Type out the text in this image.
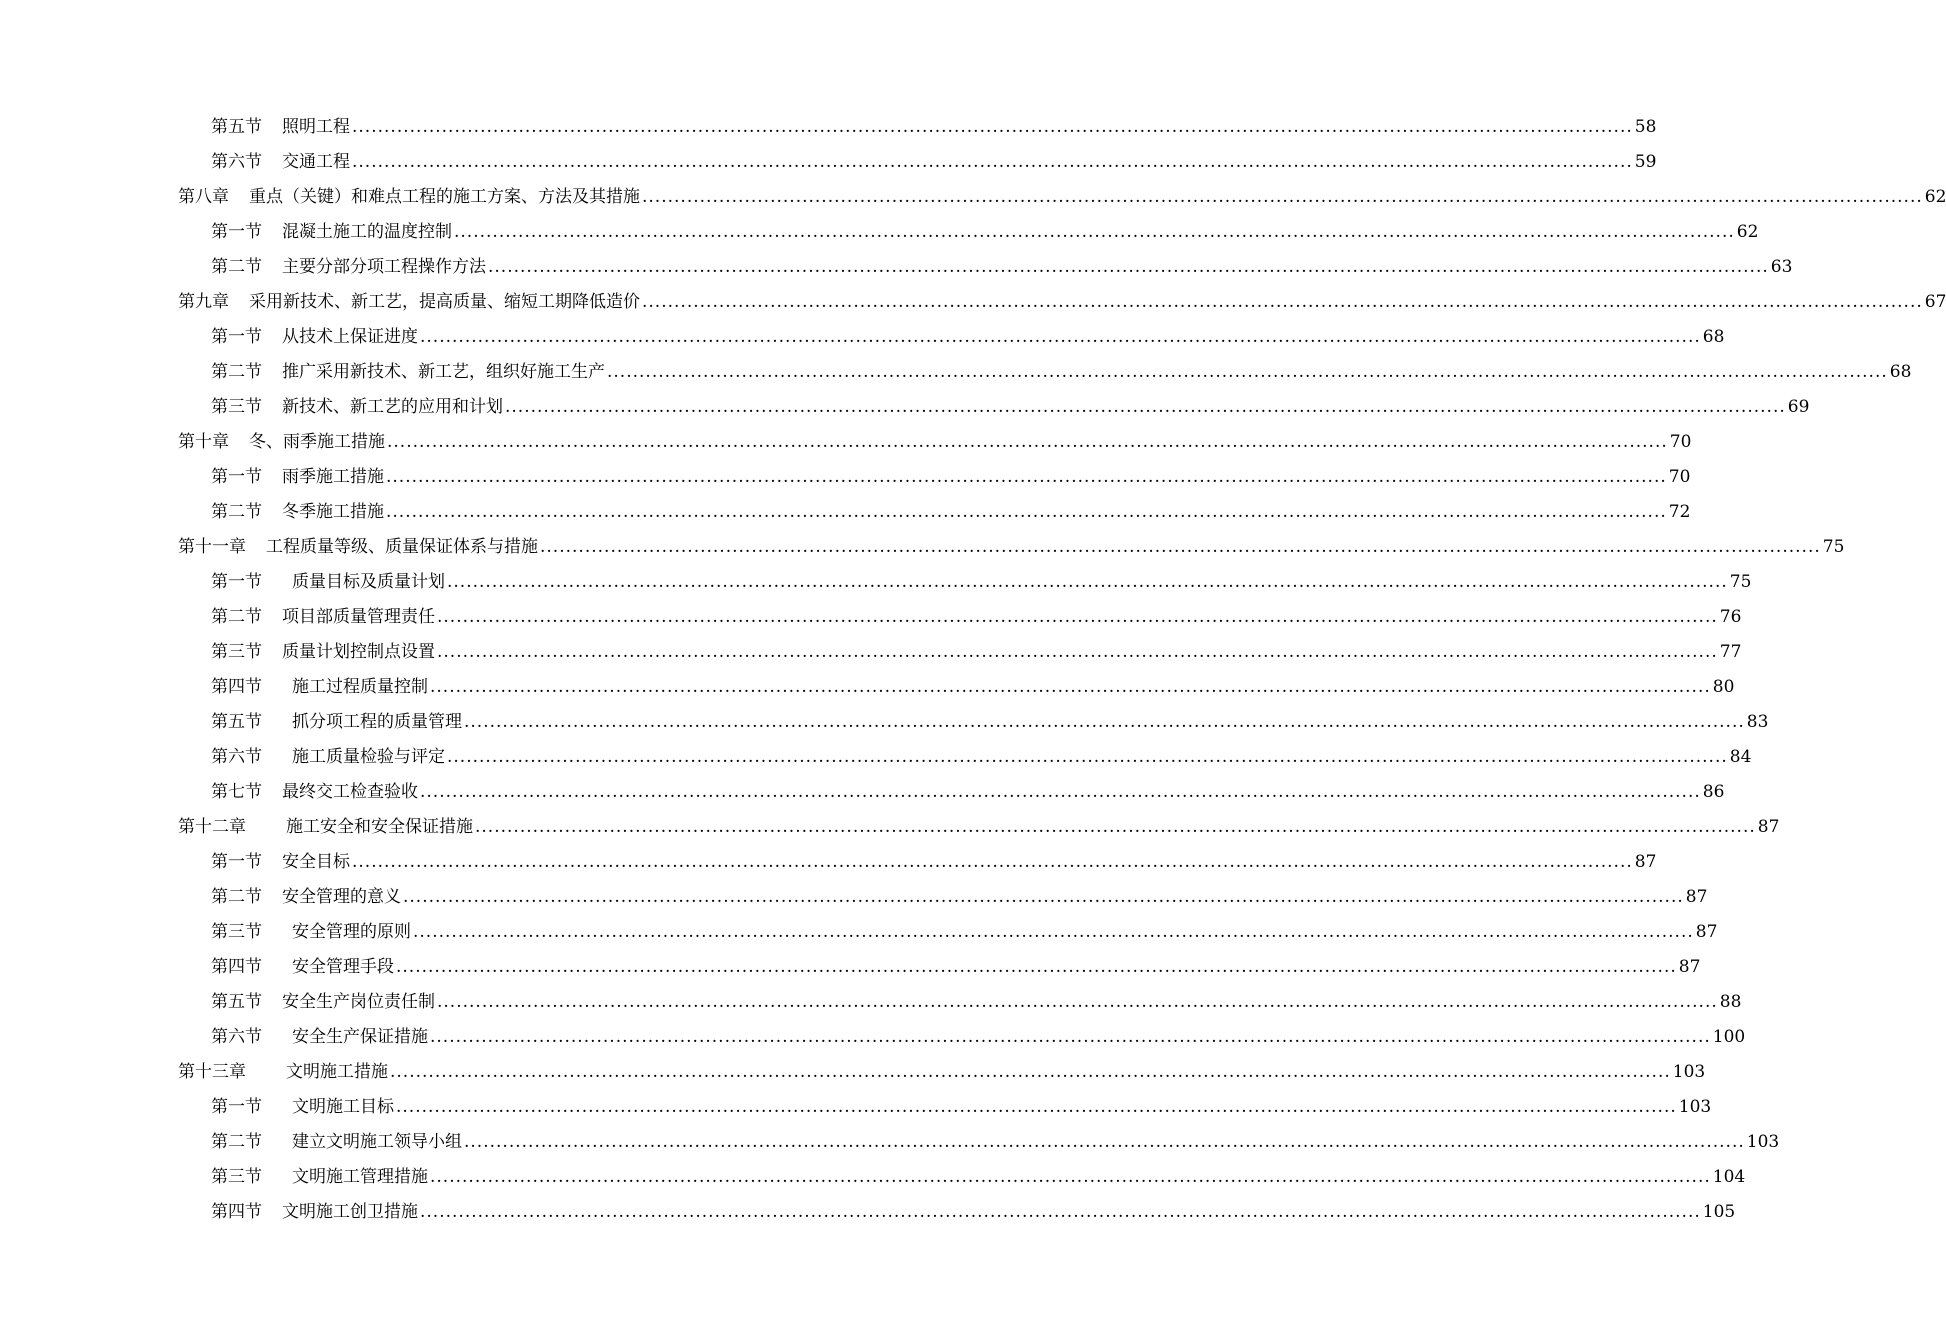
第五节 照明工程 ........................................................................................................................................................................................................ 58
第六节 交通工程 ........................................................................................................................................................................................................ 59
第八章 重点（关键）和难点工程的施工方案、方法及其措施 ........................................................................................................................................................................................................ 62
第一节 混凝土施工的温度控制 ........................................................................................................................................................................................................ 62
第二节 主要分部分项工程操作方法 ........................................................................................................................................................................................................ 63
第九章 采用新技术、新工艺，提高质量、缩短工期降低造价 ........................................................................................................................................................................................................ 67
第一节 从技术上保证进度 ........................................................................................................................................................................................................ 68
第二节 推广采用新技术、新工艺，组织好施工生产 ........................................................................................................................................................................................................ 68
第三节 新技术、新工艺的应用和计划 ........................................................................................................................................................................................................ 69
第十章 冬、雨季施工措施 ........................................................................................................................................................................................................ 70
第一节 雨季施工措施 ........................................................................................................................................................................................................ 70
第二节 冬季施工措施 ........................................................................................................................................................................................................ 72
第十一章 工程质量等级、质量保证体系与措施 ........................................................................................................................................................................................................ 75
第一节 质量目标及质量计划 ........................................................................................................................................................................................................ 75
第二节 项目部质量管理责任 ........................................................................................................................................................................................................ 76
第三节 质量计划控制点设置 ........................................................................................................................................................................................................ 77
第四节 施工过程质量控制 ........................................................................................................................................................................................................ 80
第五节 抓分项工程的质量管理 ........................................................................................................................................................................................................ 83
第六节 施工质量检验与评定 ........................................................................................................................................................................................................ 84
第七节 最终交工检查验收 ........................................................................................................................................................................................................ 86
第十二章 施工安全和安全保证措施 ........................................................................................................................................................................................................ 87
第一节 安全目标 ........................................................................................................................................................................................................ 87
第二节 安全管理的意义 ........................................................................................................................................................................................................ 87
第三节 安全管理的原则 ........................................................................................................................................................................................................ 87
第四节 安全管理手段 ........................................................................................................................................................................................................ 87
第五节 安全生产岗位责任制 ........................................................................................................................................................................................................ 88
第六节 安全生产保证措施 ........................................................................................................................................................................................................ 100
第十三章 文明施工措施 ........................................................................................................................................................................................................ 103
第一节 文明施工目标 ........................................................................................................................................................................................................ 103
第二节 建立文明施工领导小组 ........................................................................................................................................................................................................ 103
第三节 文明施工管理措施 ........................................................................................................................................................................................................ 104
第四节 文明施工创卫措施 ........................................................................................................................................................................................................ 105
